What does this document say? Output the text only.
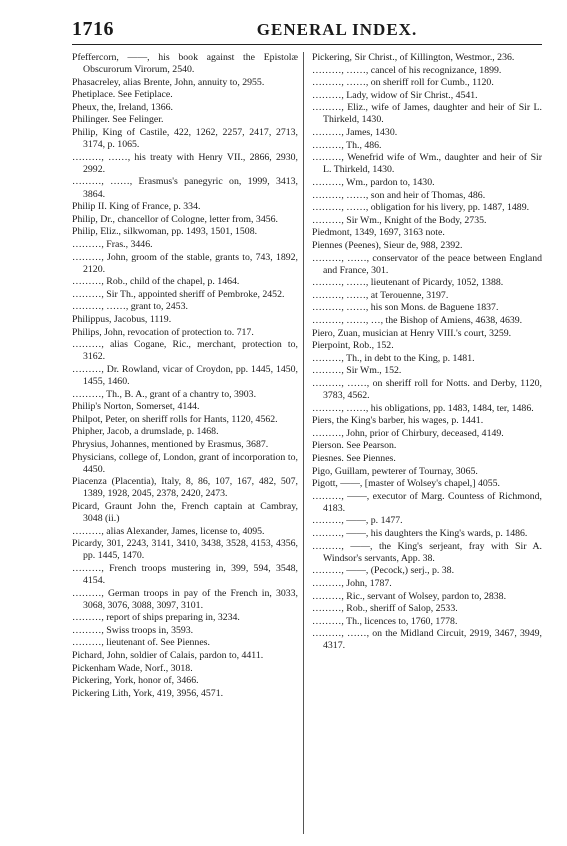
1716	GENERAL INDEX.

Pfeffercorn, ——, his book against the Epistolæ Obscurorum Virorum, 2540.

Phasacreley, alias Brente, John, annuity to, 2955.

Phetiplace. See Fetiplace.

Pheux, the, Ireland, 1366.

Philinger. See Felinger.

Philip, King of Castile, 422, 1262, 2257, 2417, 2713, 3174, p. 1065.

………, ……, his treaty with Henry VII., 2866, 2930, 2992.

………, ……, Erasmus's panegyric on, 1999, 3413, 3864.

Philip II. King of France, p. 334.

Philip, Dr., chancellor of Cologne, letter from, 3456.

Philip, Eliz., silkwoman, pp. 1493, 1501, 1508.

………, Fras., 3446.

………, John, groom of the stable, grants to, 743, 1892, 2120.

………, Rob., child of the chapel, p. 1464.

………, Sir Th., appointed sheriff of Pembroke, 2452.

………, ……, grant to, 2453.

Philippus, Jacobus, 1119.

Philips, John, revocation of protection to. 717.

………, alias Cogane, Ric., merchant, protection to, 3162.

………, Dr. Rowland, vicar of Croydon, pp. 1445, 1450, 1455, 1460.

………, Th., B. A., grant of a chantry to, 3903.

Philip's Norton, Somerset, 4144.

Philpot, Peter, on sheriff rolls for Hants, 1120, 4562.

Phipher, Jacob, a drumslade, p. 1468.

Phrysius, Johannes, mentioned by Erasmus, 3687.

Physicians, college of, London, grant of incorporation to, 4450.

Piacenza (Placentia), Italy, 8, 86, 107, 167, 482, 507, 1389, 1928, 2045, 2378, 2420, 2473.

Picard, Graunt John the, French captain at Cambray, 3048 (ii.)

………, alias Alexander, James, license to, 4095.

Picardy, 301, 2243, 3141, 3410, 3438, 3528, 4153, 4356, pp. 1445, 1470.

………, French troops mustering in, 399, 594, 3548, 4154.

………, German troops in pay of the French in, 3033, 3068, 3076, 3088, 3097, 3101.

………, report of ships preparing in, 3234.

………, Swiss troops in, 3593.

………, lieutenant of. See Piennes.

Pichard, John, soldier of Calais, pardon to, 4411.

Pickenham Wade, Norf., 3018.

Pickering, York, honor of, 3466.

Pickering Lith, York, 419, 3956, 4571.

Pickering, Sir Christ., of Killington, Westmor., 236.

………, ……, cancel of his recognizance, 1899.

………, ……, on sheriff roll for Cumb., 1120.

………, Lady, widow of Sir Christ., 4541.

………, Eliz., wife of James, daughter and heir of Sir L. Thirkeld, 1430.

………, James, 1430.

………, Th., 486.

………, Wenefrid wife of Wm., daughter and heir of Sir L. Thirkeld, 1430.

………, Wm., pardon to, 1430.

………, ……, son and heir of Thomas, 486.

………, ……, obligation for his livery, pp. 1487, 1489.

………, Sir Wm., Knight of the Body, 2735.

Piedmont, 1349, 1697, 3163 note.

Piennes (Peenes), Sieur de, 988, 2392.

………, ……, conservator of the peace between England and France, 301.

………, ……, lieutenant of Picardy, 1052, 1388.

………, ……, at Terouenne, 3197.

………, ……, his son Mons. de Baguene 1837.

………, ……, …, the Bishop of Amiens, 4638, 4639.

Piero, Zuan, musician at Henry VIII.'s court, 3259.

Pierpoint, Rob., 152.

………, Th., in debt to the King, p. 1481.

………, Sir Wm., 152.

………, ……, on sheriff roll for Notts. and Derby, 1120, 3783, 4562.

………, ……, his obligations, pp. 1483, 1484, ter, 1486.

Piers, the King's barber, his wages, p. 1441.

………, John, prior of Chirbury, deceased, 4149.

Pierson. See Pearson.

Piesnes. See Piennes.

Pigo, Guillam, pewterer of Tournay, 3065.

Pigott, ——, [master of Wolsey's chapel,] 4055.

………, ——, executor of Marg. Countess of Richmond, 4183.

………, ——, p. 1477.

………, ——, his daughters the King's wards, p. 1486.

………, ——, the King's serjeant, fray with Sir A. Windsor's servants, App. 38.

………, ——, (Pecock,) serj., p. 38.

………, John, 1787.

………, Ric., servant of Wolsey, pardon to, 2838.

………, Rob., sheriff of Salop, 2533.

………, Th., licences to, 1760, 1778.

………, ……, on the Midland Circuit, 2919, 3467, 3949, 4317.
